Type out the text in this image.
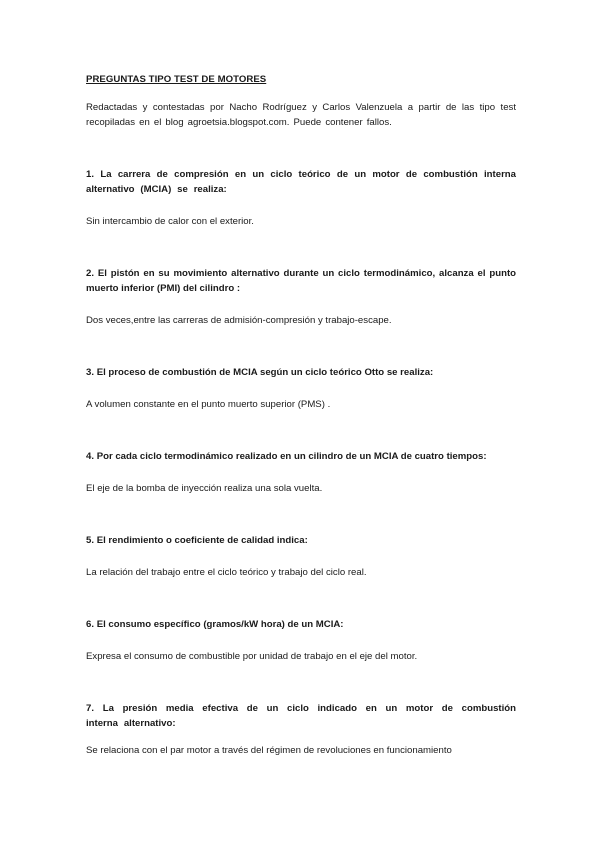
PREGUNTAS TIPO TEST DE MOTORES

Redactadas y contestadas por Nacho Rodríguez y Carlos Valenzuela a partir de las tipo test recopiladas en el blog agroetsia.blogspot.com. Puede contener fallos.

1. La carrera de compresión en un ciclo teórico de un motor de combustión interna alternativo (MCIA) se realiza:

Sin intercambio de calor con el exterior.

2. El pistón en su movimiento alternativo durante un ciclo termodinámico, alcanza el punto muerto inferior (PMI) del cilindro :

Dos veces,entre las carreras de admisión-compresión y trabajo-escape.

3. El proceso de combustión de MCIA según un ciclo teórico Otto se realiza:

A volumen constante en el punto muerto superior (PMS) .

4. Por cada ciclo termodinámico realizado en un cilindro de un MCIA de cuatro tiempos:

El eje de la bomba de inyección realiza una sola vuelta.

5. El rendimiento o coeficiente de calidad indica:

La relación del trabajo entre el ciclo teórico y trabajo del ciclo real.

6. El consumo específico (gramos/kW hora) de un MCIA:

Expresa el consumo de combustible por unidad de trabajo en el eje del motor.

7. La presión media efectiva de un ciclo indicado en un motor de combustión interna alternativo:

Se relaciona con el par motor a través del régimen de revoluciones en funcionamiento
